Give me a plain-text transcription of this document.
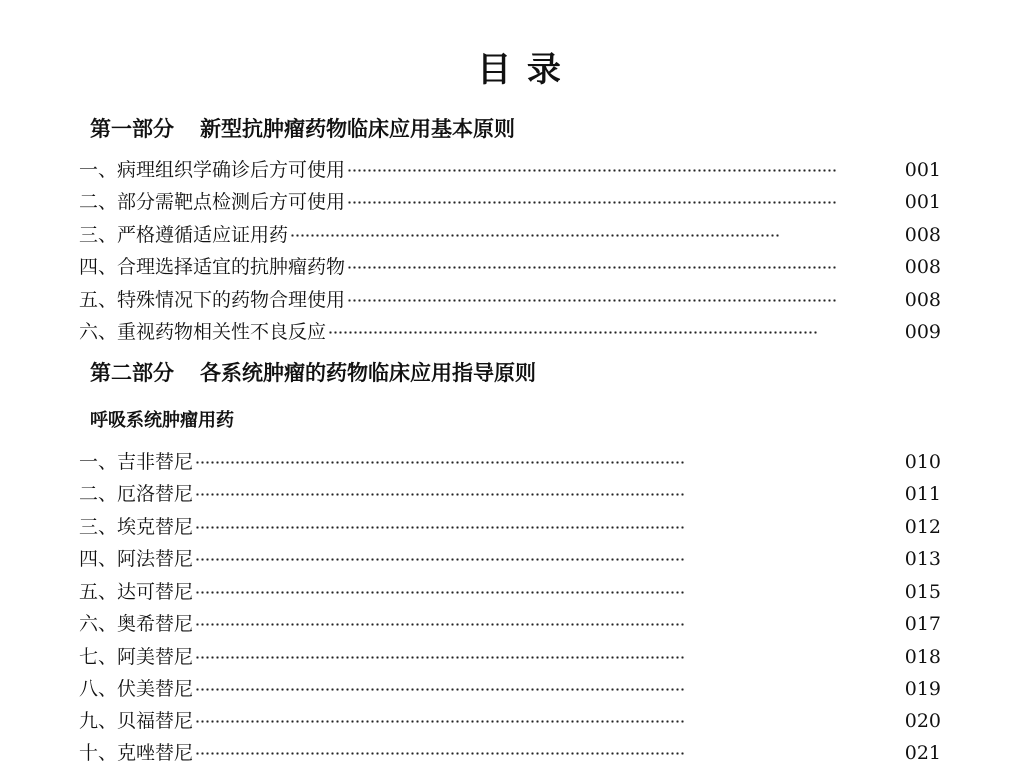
目 录
第一部分 新型抗肿瘤药物临床应用基本原则
一、病理组织学确诊后方可使用	001
二、部分需靶点检测后方可使用	001
三、严格遵循适应证用药	008
四、合理选择适宜的抗肿瘤药物	008
五、特殊情况下的药物合理使用	008
六、重视药物相关性不良反应	009
第二部分 各系统肿瘤的药物临床应用指导原则
呼吸系统肿瘤用药
一、吉非替尼	010
二、厄洛替尼	011
三、埃克替尼	012
四、阿法替尼	013
五、达可替尼	015
六、奥希替尼	017
七、阿美替尼	018
八、伏美替尼	019
九、贝福替尼	020
十、克唑替尼	021
